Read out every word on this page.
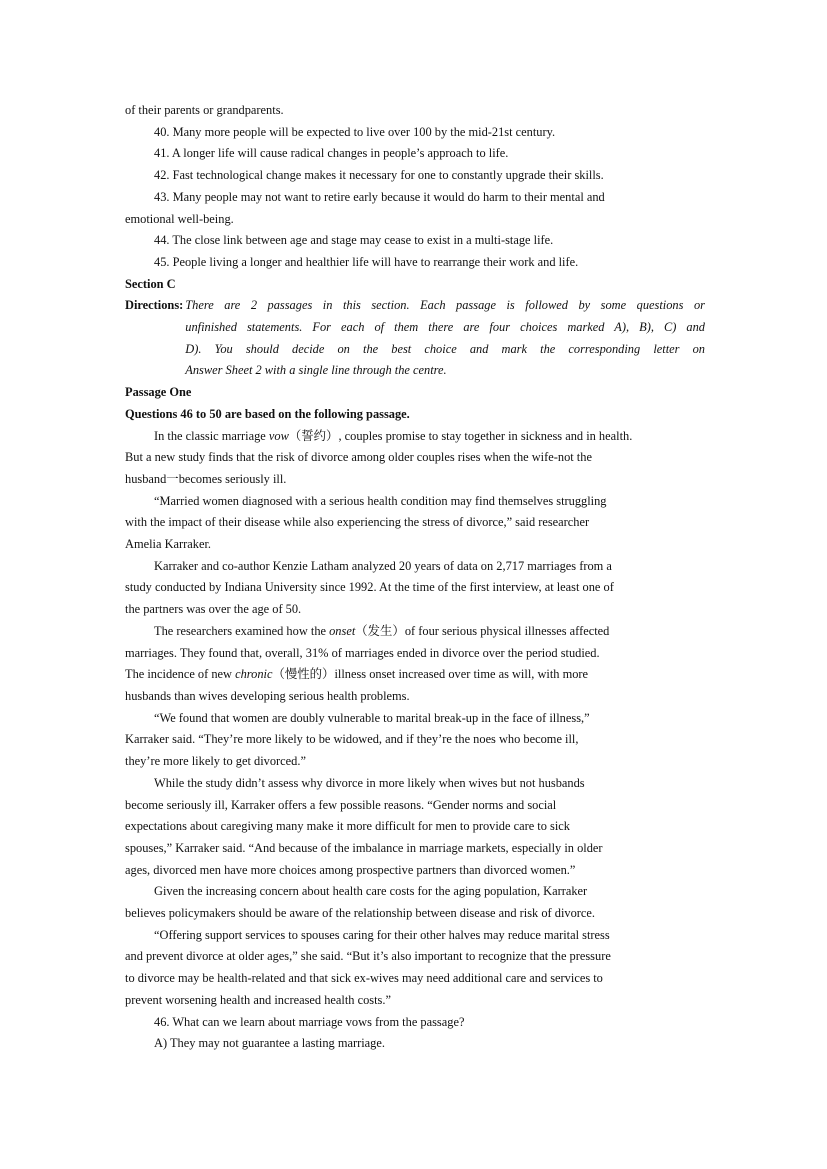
of their parents or grandparents.

40. Many more people will be expected to live over 100 by the mid-21st century.

41. A longer life will cause radical changes in people’s approach to life.

42. Fast technological change makes it necessary for one to constantly upgrade their skills.

43. Many people may not want to retire early because it would do harm to their mental and

emotional well-being.

44. The close link between age and stage may cease to exist in a multi-stage life.

45. People living a longer and healthier life will have to rearrange their work and life.

Section C

Directions: There are 2 passages in this section. Each passage is followed by some questions or
unfinished statements. For each of them there are four choices marked A), B), C) and
D). You should decide on the best choice and mark the corresponding letter on
Answer Sheet 2 with a single line through the centre.

Passage One

Questions 46 to 50 are based on the following passage.

In the classic marriage vow（誓约）, couples promise to stay together in sickness and in health.

But a new study finds that the risk of divorce among older couples rises when the wife-not the

husband一becomes seriously ill.

“Married women diagnosed with a serious health condition may find themselves struggling

with the impact of their disease while also experiencing the stress of divorce,” said researcher

Amelia Karraker.

Karraker and co-author Kenzie Latham analyzed 20 years of data on 2,717 marriages from a

study conducted by Indiana University since 1992. At the time of the first interview, at least one of

the partners was over the age of 50.

The researchers examined how the onset（发生）of four serious physical illnesses affected

marriages. They found that, overall, 31% of marriages ended in divorce over the period studied.

The incidence of new chronic（慢性的）illness onset increased over time as will, with more

husbands than wives developing serious health problems.

“We found that women are doubly vulnerable to marital break-up in the face of illness,”

Karraker said. “They’re more likely to be widowed, and if they’re the noes who become ill,

they’re more likely to get divorced.”

While the study didn’t assess why divorce in more likely when wives but not husbands

become seriously ill, Karraker offers a few possible reasons. “Gender norms and social

expectations about caregiving many make it more difficult for men to provide care to sick

spouses,” Karraker said. “And because of the imbalance in marriage markets, especially in older

ages, divorced men have more choices among prospective partners than divorced women.”

Given the increasing concern about health care costs for the aging population, Karraker

believes policymakers should be aware of the relationship between disease and risk of divorce.

“Offering support services to spouses caring for their other halves may reduce marital stress

and prevent divorce at older ages,” she said. “But it’s also important to recognize that the pressure

to divorce may be health-related and that sick ex-wives may need additional care and services to

prevent worsening health and increased health costs.”

46. What can we learn about marriage vows from the passage?

A) They may not guarantee a lasting marriage.
